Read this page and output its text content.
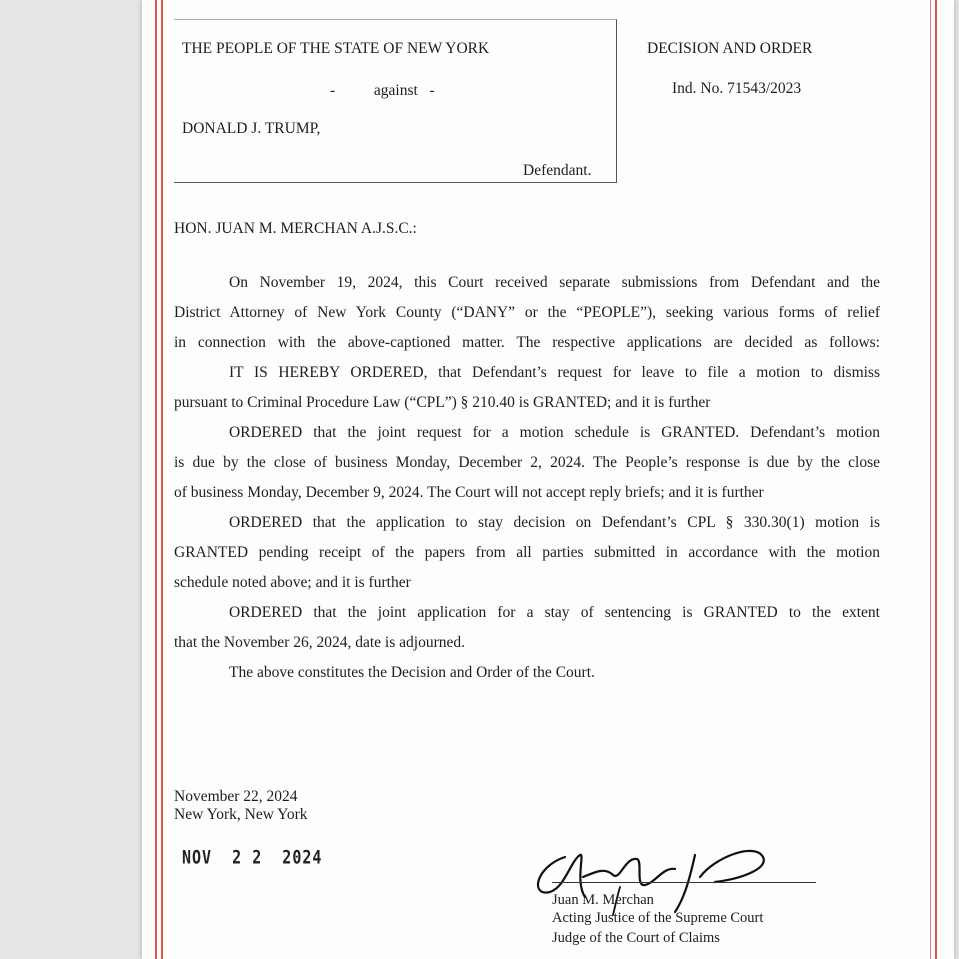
THE PEOPLE OF THE STATE OF NEW YORK
-          against   -
DONALD J. TRUMP,
Defendant.
DECISION AND ORDER
Ind. No. 71543/2023
HON. JUAN M. MERCHAN A.J.S.C.:
On November 19, 2024, this Court received separate submissions from Defendant and the
District Attorney of New York County (“DANY” or the “PEOPLE”), seeking various forms of relief
in connection with the above-captioned matter. The respective applications are decided as follows:
IT IS HEREBY ORDERED, that Defendant’s request for leave to file a motion to dismiss
pursuant to Criminal Procedure Law (“CPL”) § 210.40 is GRANTED; and it is further
ORDERED that the joint request for a motion schedule is GRANTED. Defendant’s motion
is due by the close of business Monday, December 2, 2024. The People’s response is due by the close
of business Monday, December 9, 2024. The Court will not accept reply briefs; and it is further
ORDERED that the application to stay decision on Defendant’s CPL § 330.30(1) motion is
GRANTED pending receipt of the papers from all parties submitted in accordance with the motion
schedule noted above; and it is further
ORDERED that the joint application for a stay of sentencing is GRANTED to the extent
that the November 26, 2024, date is adjourned.
The above constitutes the Decision and Order of the Court.
November 22, 2024
New York, New York
NOV  2 2  2024
Juan M. Merchan
Acting Justice of the Supreme Court
Judge of the Court of Claims
